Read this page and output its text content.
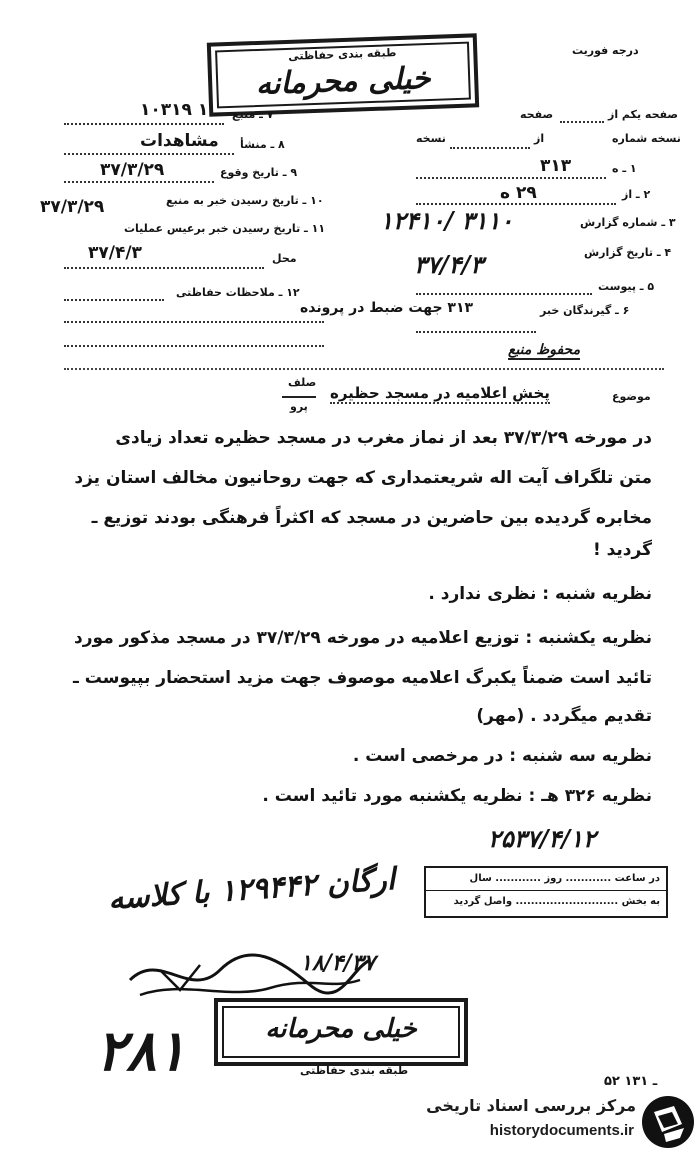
طبقه بندی حفاظتی
خیلی محرمانه
درجه فوریت
صفحه یکم از
صفحه
نسخه شماره
از
نسخه
۷ ـ منبع
۱۰۳۱۹ ـ ۱
۸ ـ منشأ
مشاهدات
۹ ـ تاریخ وقوع
۳۷/۳/۲۹
۱۰ ـ تاریخ رسیدن خبر به منبع
۳۷/۳/۲۹
۱۱ ـ تاریخ رسیدن خبر برعیس عملیات
۳۷/۴/۳	محل
۱۲ ـ ملاحظات حفاظتی
۱ ـ ه
۳۱۳
۲ ـ از
۲۹ ه
۳ ـ شماره گزارش
۱۲۴۱۰/ ۳۱۱۰
۴ ـ تاریخ گزارش
۳۷/۴/۳
۵ ـ پیوست
۶ ـ گیرندگان خبر
۳۱۳ جهت ضبط در پرونده
محفوظ منبع
صلف
پرو
موضوع
پخش اعلامیه در مسجد حظیره
در مورخه ۳۷/۳/۲۹ بعد از نماز مغرب در مسجد حظیره تعداد زیادی
متن تلگراف آیت اله شریعتمداری که جهت روحانیون مخالف استان یزد
مخابره گردیده بین حاضرین در مسجد که اکثراً فرهنگی بودند توزیع ـ
گردید !
نظریه شنبه : نظری ندارد .
نظریه یکشنبه : توزیع اعلامیه در مورخه ۳۷/۳/۲۹ در مسجد مذکور مورد
تائید است ضمناً یکبرگ اعلامیه موصوف جهت مزید استحضار بپیوست ـ
تقدیم میگردد . (مهر)
نظریه سه شنبه : در مرخصی است .
نظریه ۳۲۶ هـ : نظریه یکشنبه مورد تائید است .
۲۵۳۷/۴/۱۲
در ساعت ............ روز ............ سال
به بخش ........................... واصل گردید
ارگان ۱۲۹۴۴۲ با کلاسه
۱۸/۴/۳۷
خیلی محرمانه
طبقه بندی حفاظتی
۲۸۱	۵۲ ـ ۱۳۱
مرکز بررسی اسناد تاریخی
historydocuments.ir
